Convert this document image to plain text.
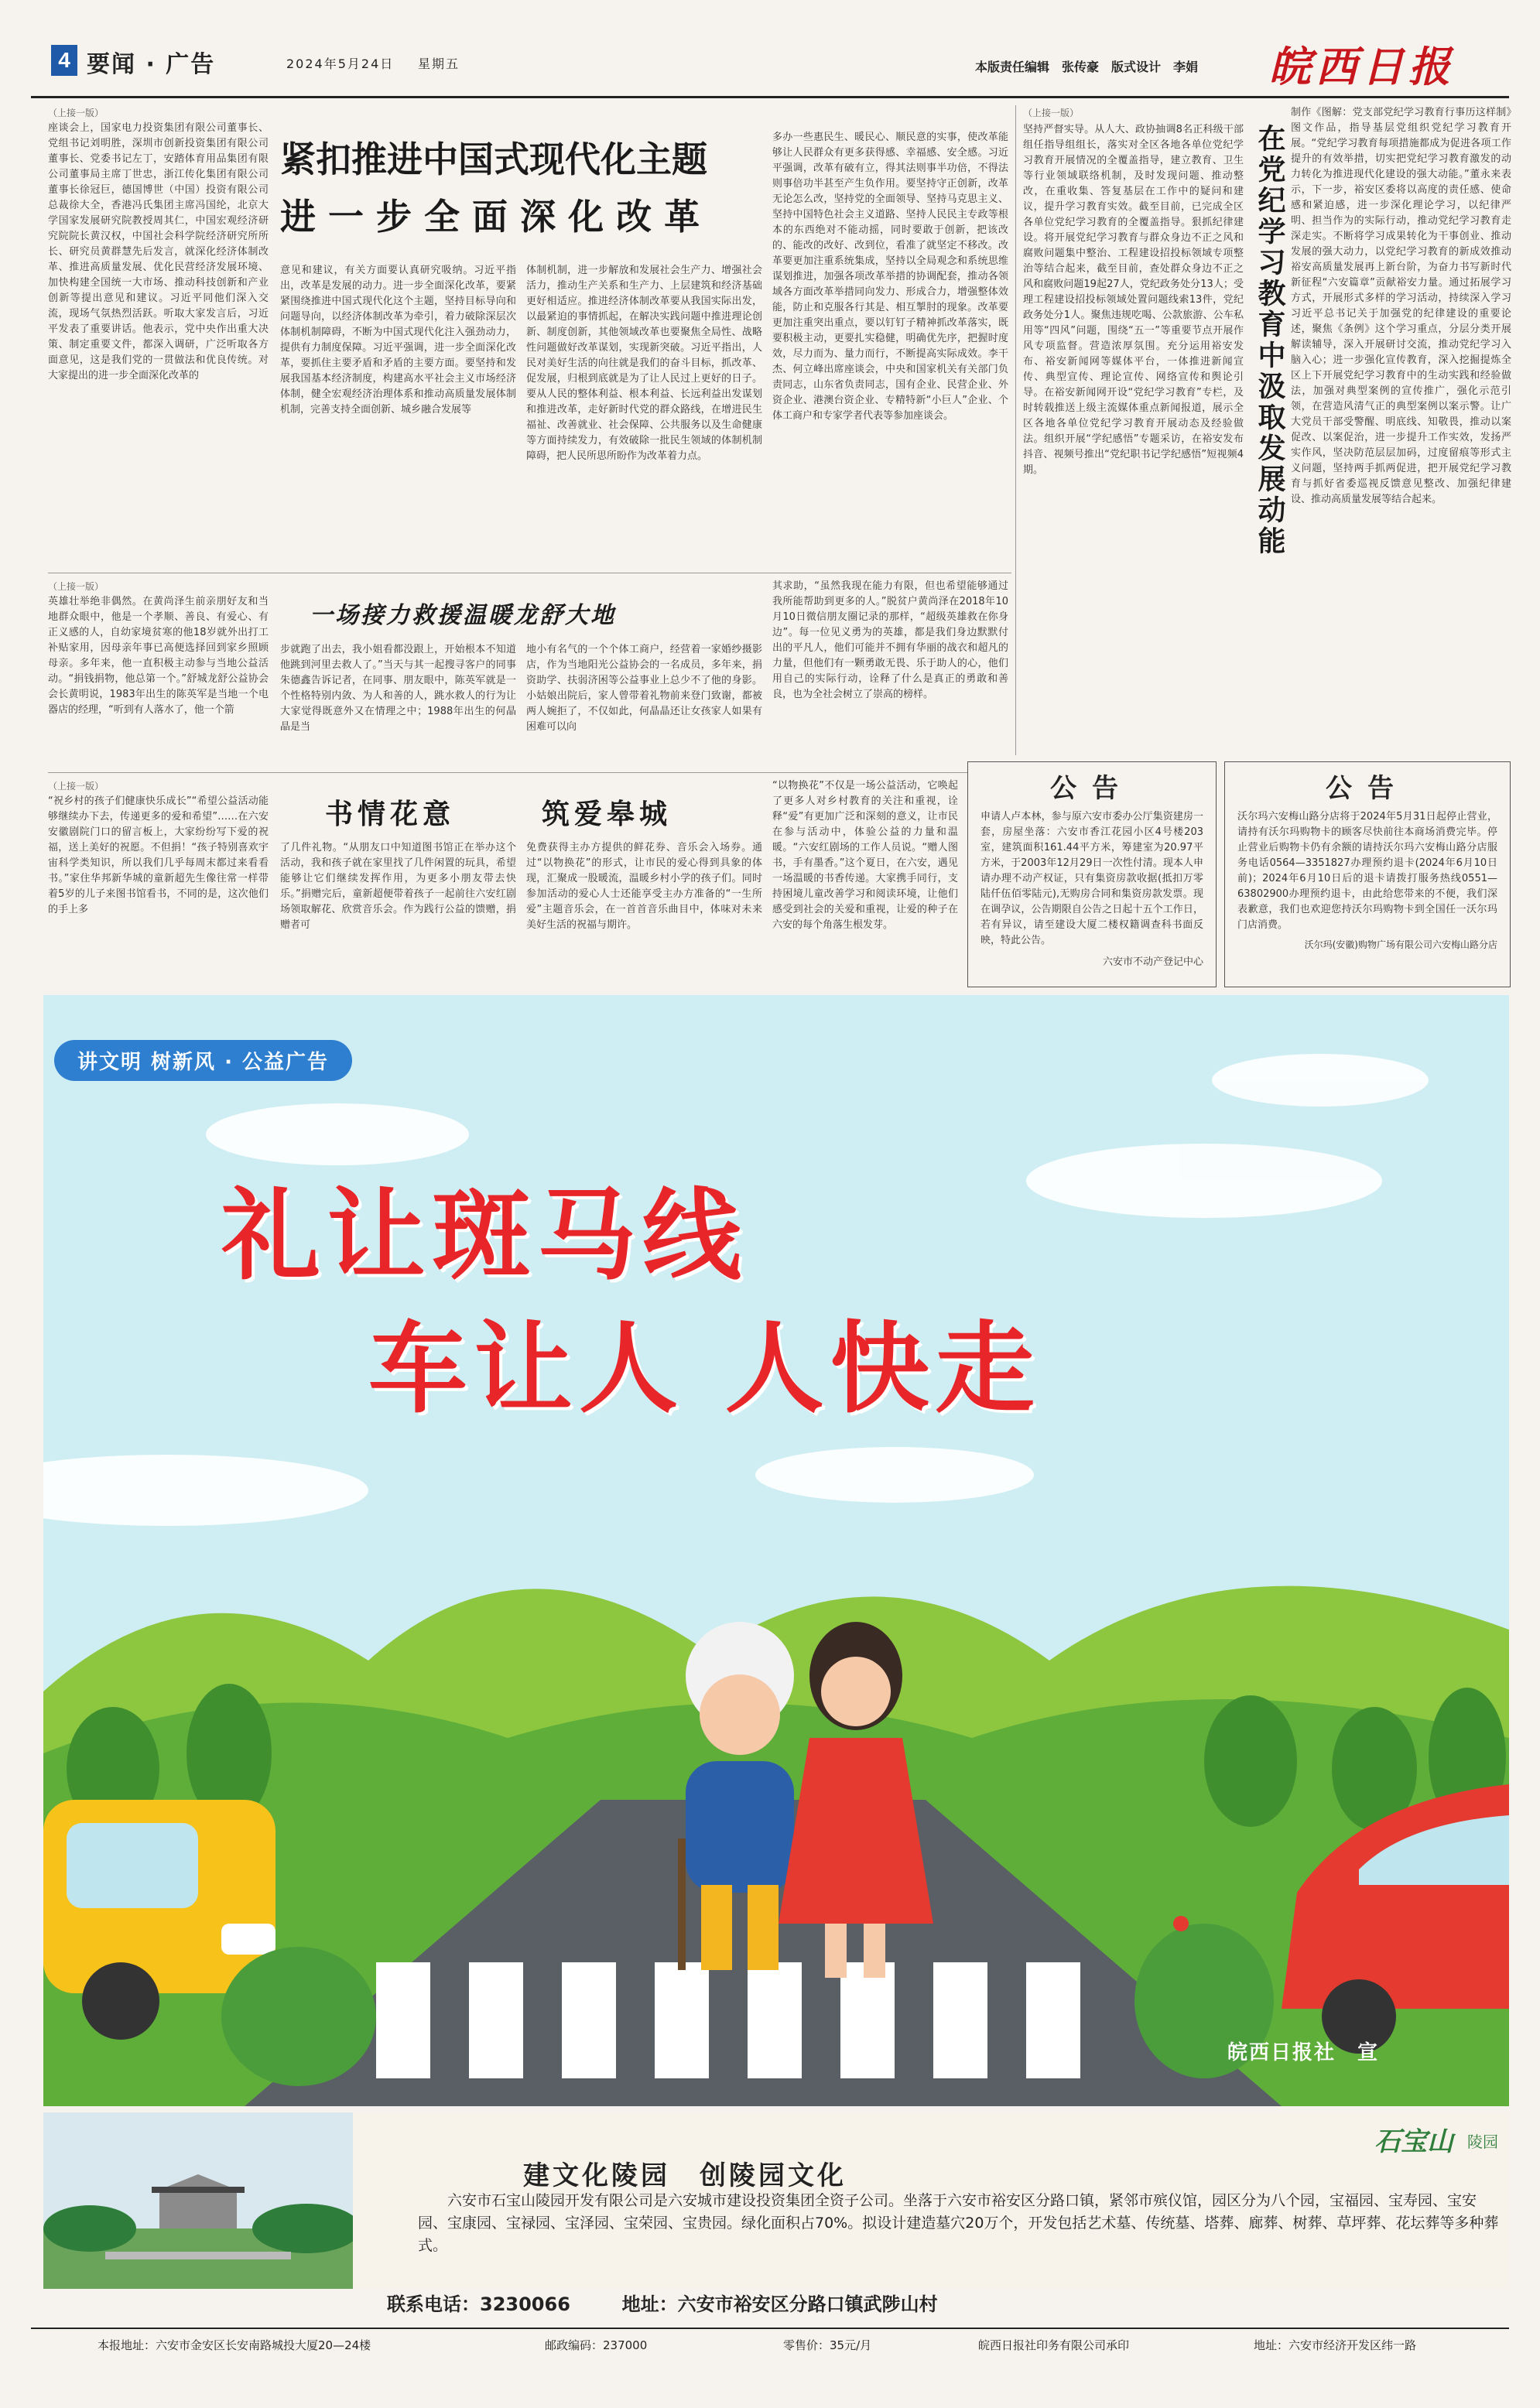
4 要闻 · 广告	2024年5月24日 星期五	本版责任编辑　张传豪　版式设计　李娟 皖西日报
（上接一版）
座谈会上，国家电力投资集团有限公司董事长、党组书记刘明胜，深圳市创新投资集团有限公司董事长、党委书记左丁，安踏体育用品集团有限公司董事局主席丁世忠，浙江传化集团有限公司董事长徐冠巨，德国博世（中国）投资有限公司总裁徐大全，香港冯氏集团主席冯国纶，北京大学国家发展研究院教授周其仁，中国宏观经济研究院院长黄汉权，中国社会科学院经济研究所所长、研究员黄群慧先后发言，就深化经济体制改革、推进高质量发展、优化民营经济发展环境、加快构建全国统一大市场、推动科技创新和产业创新等提出意见和建议。习近平同他们深入交流，现场气氛热烈活跃。听取大家发言后，习近平发表了重要讲话。他表示，党中央作出重大决策、制定重要文件，都深入调研，广泛听取各方面意见，这是我们党的一贯做法和优良传统。对大家提出的进一步全面深化改革的
紧扣推进中国式现代化主题
进 一 步 全 面 深 化 改 革
意见和建议，有关方面要认真研究吸纳。习近平指出，改革是发展的动力。进一步全面深化改革，要紧紧围绕推进中国式现代化这个主题，坚持目标导向和问题导向，以经济体制改革为牵引，着力破除深层次体制机制障碍，不断为中国式现代化注入强劲动力，提供有力制度保障。习近平强调，进一步全面深化改革，要抓住主要矛盾和矛盾的主要方面。要坚持和发展我国基本经济制度，构建高水平社会主义市场经济体制，健全宏观经济治理体系和推动高质量发展体制机制，完善支持全面创新、城乡融合发展等
体制机制，进一步解放和发展社会生产力、增强社会活力，推动生产关系和生产力、上层建筑和经济基础更好相适应。推进经济体制改革要从我国实际出发，以最紧迫的事情抓起，在解决实践问题中推进理论创新、制度创新，其他领域改革也要聚焦全局性、战略性问题做好改革谋划，实现新突破。习近平指出，人民对美好生活的向往就是我们的奋斗目标，抓改革、促发展，归根到底就是为了让人民过上更好的日子。要从人民的整体利益、根本利益、长远利益出发谋划和推进改革，走好新时代党的群众路线，在增进民生福祉、改善就业、社会保障、公共服务以及生命健康等方面持续发力，有效破除一批民生领域的体制机制障碍，把人民所思所盼作为改革着力点。
多办一些惠民生、暖民心、顺民意的实事，使改革能够让人民群众有更多获得感、幸福感、安全感。习近平强调，改革有破有立，得其法则事半功倍，不得法则事倍功半甚至产生负作用。要坚持守正创新，改革无论怎么改，坚持党的全面领导、坚持马克思主义、坚持中国特色社会主义道路、坚持人民民主专政等根本的东西绝对不能动摇，同时要敢于创新，把该改的、能改的改好、改到位，看准了就坚定不移改。改革要更加注重系统集成，坚持以全局观念和系统思维谋划推进，加强各项改革举措的协调配套，推动各领域各方面改革举措同向发力、形成合力，增强整体效能，防止和克服各行其是、相互掣肘的现象。改革要更加注重突出重点，要以钉钉子精神抓改革落实，既要积极主动，更要扎实稳健，明确优先序，把握时度效，尽力而为、量力而行，不断提高实际成效。李干杰、何立峰出席座谈会，中央和国家机关有关部门负责同志，山东省负责同志，国有企业、民营企业、外资企业、港澳台资企业、专精特新“小巨人”企业、个体工商户和专家学者代表等参加座谈会。
（上接一版）
英雄壮举绝非偶然。在黄尚泽生前亲朋好友和当地群众眼中，他是一个孝顺、善良、有爱心、有正义感的人，自幼家境贫寒的他18岁就外出打工补贴家用，因母亲年事已高便选择回到家乡照顾母亲。多年来，他一直积极主动参与当地公益活动。“捐钱捐物，他总第一个。”舒城龙舒公益协会会长黄明说，1983年出生的陈英军是当地一个电器店的经理，“听到有人落水了，他一个箭
一场接力救援温暖龙舒大地
步就跑了出去，我小姐看都没跟上，开始根本不知道他跳到河里去救人了。”当天与其一起搜寻客户的同事朱德鑫告诉记者，在同事、朋友眼中，陈英军就是一个性格特别内敛、为人和善的人，跳水救人的行为让大家觉得既意外又在情理之中；1988年出生的何晶晶是当
地小有名气的一个个体工商户，经营着一家婚纱摄影店，作为当地阳光公益协会的一名成员，多年来，捐资助学、扶弱济困等公益事业上总少不了他的身影。小姑娘出院后，家人曾带着礼物前来登门致谢，都被两人婉拒了，不仅如此，何晶晶还让女孩家人如果有困难可以向
其求助，“虽然我现在能力有限，但也希望能够通过我所能帮助到更多的人。”脱贫户黄尚泽在2018年10月10日微信朋友圈记录的那样，“超级英雄救在你身边”。每一位见义勇为的英雄，都是我们身边默默付出的平凡人，他们可能并不拥有华丽的战衣和超凡的力量，但他们有一颗勇敢无畏、乐于助人的心，他们用自己的实际行动，诠释了什么是真正的勇敢和善良，也为全社会树立了崇高的榜样。
（上接一版）
“祝乡村的孩子们健康快乐成长”“希望公益活动能够继续办下去，传递更多的爱和希望”……在六安安徽剧院门口的留言板上，大家纷纷写下爱的祝福，送上美好的祝愿。不但捐！“孩子特别喜欢宇宙科学类知识，所以我们几乎每周末都过来看看书。”家住华邦新华城的童新超先生像往常一样带着5岁的儿子来图书馆看书，不同的是，这次他们的手上多
书情花意	筑爱皋城
了几件礼物。“从朋友口中知道图书馆正在举办这个活动，我和孩子就在家里找了几件闲置的玩具，希望能够让它们继续发挥作用，为更多小朋友带去快乐。”捐赠完后，童新超便带着孩子一起前往六安红剧场领取解花、欣赏音乐会。作为践行公益的馈赠，捐赠者可
免费获得主办方提供的鲜花券、音乐会入场券。通过“以物换花”的形式，让市民的爱心得到具象的体现，汇聚成一股暖流，温暖乡村小学的孩子们。同时参加活动的爱心人士还能享受主办方准备的“一生所爱”主题音乐会，在一首首音乐曲目中，体味对未来美好生活的祝福与期许。
“以物换花”不仅是一场公益活动，它唤起了更多人对乡村教育的关注和重视，诠释“爱”有更加广泛和深刻的意义，让市民在参与活动中，体验公益的力量和温暖。“六安红剧场的工作人员说。“赠人图书，手有墨香。”这个夏日，在六安，遇见一场温暖的书香传递。大家携手同行，支持困境儿童改善学习和阅读环境，让他们感受到社会的关爱和重视，让爱的种子在六安的每个角落生根发芽。
（上接一版）
坚持严督实导。从人大、政协抽调8名正科级干部组任指导组组长，落实对全区各地各单位党纪学习教育开展情况的全覆盖指导，建立教育、卫生等行业领域联络机制，及时发现问题、推动整改，在重收集、答复基层在工作中的疑问和建议，提升学习教育实效。截至目前，已完成全区各单位党纪学习教育的全覆盖指导。狠抓纪律建设。将开展党纪学习教育与群众身边不正之风和腐败问题集中整治、工程建设招投标领域专项整治等结合起来，截至目前，查处群众身边不正之风和腐败问题19起27人，党纪政务处分13人；受理工程建设招投标领域处置问题线索13件，党纪政务处分1人。聚焦违规吃喝、公款旅游、公车私用等“四风”问题，围绕“五一”等重要节点开展作风专项监督。营造浓厚氛围。充分运用裕安发布、裕安新闻网等媒体平台，一体推进新闻宣传、典型宣传、理论宣传、网络宣传和舆论引导。在裕安新闻网开设“党纪学习教育”专栏，及时转载推送上级主流媒体重点新闻报道，展示全区各地各单位党纪学习教育开展动态及经验做法。组织开展“学纪感悟”专题采访，在裕安发布抖音、视频号推出“党纪职书记学纪感悟”短视频4期。	在党纪学习教育中汲取发展动能
制作《图解：党支部党纪学习教育行事历这样制》图文作品，指导基层党组织党纪学习教育开展。“党纪学习教育每项措施都成为促进各项工作提升的有效举措，切实把党纪学习教育激发的动力转化为推进现代化建设的强大动能。”董永来表示，下一步，裕安区委将以高度的责任感、使命感和紧迫感，进一步深化理论学习，以纪律严明、担当作为的实际行动，推动党纪学习教育走深走实。不断将学习成果转化为干事创业、推动发展的强大动力，以党纪学习教育的新成效推动裕安高质量发展再上新台阶，为奋力书写新时代新征程“六安篇章”贡献裕安力量。通过拓展学习方式，开展形式多样的学习活动，持续深入学习习近平总书记关于加强党的纪律建设的重要论述，聚焦《条例》这个学习重点，分层分类开展解读辅导，深入开展研讨交流，推动党纪学习入脑入心；进一步强化宣传教育，深入挖掘提炼全区上下开展党纪学习教育中的生动实践和经验做法，加强对典型案例的宣传推广，强化示范引领，在营造风清气正的典型案例以案示警。让广大党员干部受警醒、明底线、知敬畏，推动以案促改、以案促治，进一步提升工作实效，发扬严实作风，坚决防范层层加码，过度留痕等形式主义问题，坚持两手抓两促进，把开展党纪学习教育与抓好省委巡视反馈意见整改、加强纪律建设、推动高质量发展等结合起来。
公告
申请人卢本林，参与原六安市委办公厅集资建房一套，房屋坐落：六安市香江花园小区4号楼203室，建筑面积161.44平方米，筹建室为20.97平方米，于2003年12月29日一次性付清。现本人申请办理不动产权证，只有集资房款收据(抵扣万零陆仟伍佰零陆元),无购房合同和集资房款发票。现在调孕议，公告期限自公告之日起十五个工作日，若有异议，请至建设大厦二楼权籍调查科书面反映，特此公告。
六安市不动产登记中心
公告
沃尔玛六安梅山路分店将于2024年5月31日起停止营业，请持有沃尔玛购物卡的顾客尽快前往本商场消费完毕。停止营业后购物卡仍有余额的请持沃尔玛六安梅山路分店服务电话0564—3351827办理预约退卡(2024年6月10日前)；2024年6月10日后的退卡请拨打服务热线0551—63802900办理预约退卡，由此给您带来的不便，我们深表歉意，我们也欢迎您持沃尔玛购物卡到全国任一沃尔玛门店消费。
沃尔玛(安徽)购物广场有限公司六安梅山路分店
讲文明 树新风 · 公益广告
礼让斑马线
车让人 人快走
皖西日报社　宣
石宝山 陵园
建文化陵园　创陵园文化
六安市石宝山陵园开发有限公司是六安城市建设投资集团全资子公司。坐落于六安市裕安区分路口镇，紧邻市殡仪馆，园区分为八个园，宝福园、宝寿园、宝安园、宝康园、宝禄园、宝泽园、宝荣园、宝贵园。绿化面积占70%。拟设计建造墓穴20万个，开发包括艺术墓、传统墓、塔葬、廊葬、树葬、草坪葬、花坛葬等多种葬式。
联系电话：3230066	地址：六安市裕安区分路口镇武陟山村
本报地址：六安市金安区长安南路城投大厦20—24楼	邮政编码：237000	零售价：35元/月	皖西日报社印务有限公司承印	地址：六安市经济开发区纬一路
